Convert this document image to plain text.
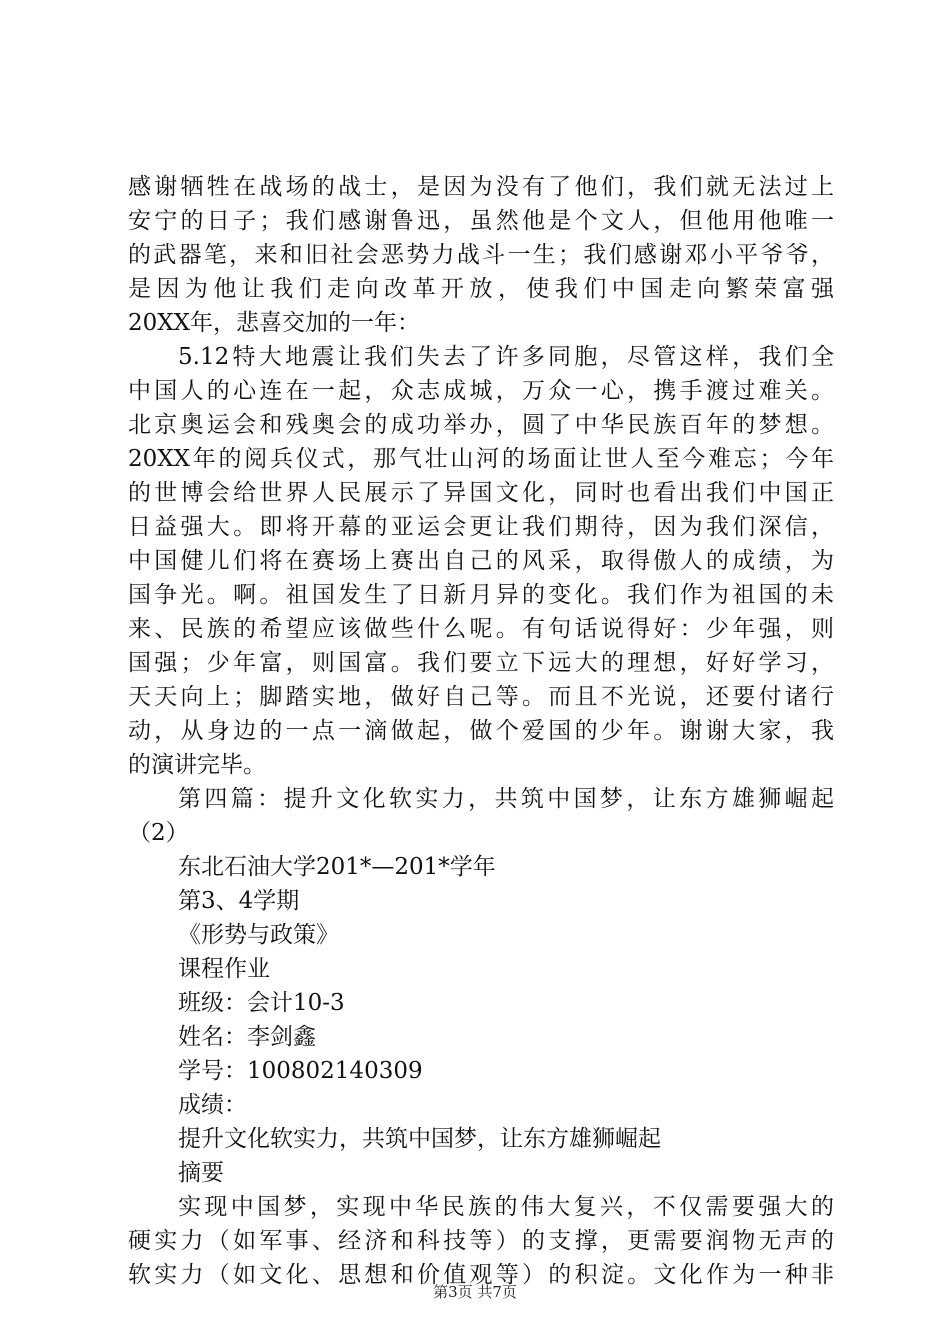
感谢牺牲在战场的战士，是因为没有了他们，我们就无法过上
安宁的日子；我们感谢鲁迅，虽然他是个文人，但他用他唯一
的武器笔，来和旧社会恶势力战斗一生；我们感谢邓小平爷爷，
是因为他让我们走向改革开放，使我们中国走向繁荣富强
20XX年，悲喜交加的一年：
5.12特大地震让我们失去了许多同胞，尽管这样，我们全
中国人的心连在一起，众志成城，万众一心，携手渡过难关。
北京奥运会和残奥会的成功举办，圆了中华民族百年的梦想。
20XX年的阅兵仪式，那气壮山河的场面让世人至今难忘；今年
的世博会给世界人民展示了异国文化，同时也看出我们中国正
日益强大。即将开幕的亚运会更让我们期待，因为我们深信，
中国健儿们将在赛场上赛出自己的风采，取得傲人的成绩，为
国争光。啊。祖国发生了日新月异的变化。我们作为祖国的未
来、民族的希望应该做些什么呢。有句话说得好：少年强，则
国强；少年富，则国富。我们要立下远大的理想，好好学习，
天天向上；脚踏实地，做好自己等。而且不光说，还要付诸行
动，从身边的一点一滴做起，做个爱国的少年。谢谢大家，我
的演讲完毕。
第四篇：提升文化软实力，共筑中国梦，让东方雄狮崛起
（2）
东北石油大学201*—201*学年
第3、4学期
《形势与政策》
课程作业
班级：会计10-3
姓名：李剑鑫
学号：100802140309
成绩：
提升文化软实力，共筑中国梦，让东方雄狮崛起
摘要
实现中国梦，实现中华民族的伟大复兴，不仅需要强大的
硬实力（如军事、经济和科技等）的支撑，更需要润物无声的
软实力（如文化、思想和价值观等）的积淀。文化作为一种非
第3页 共7页
